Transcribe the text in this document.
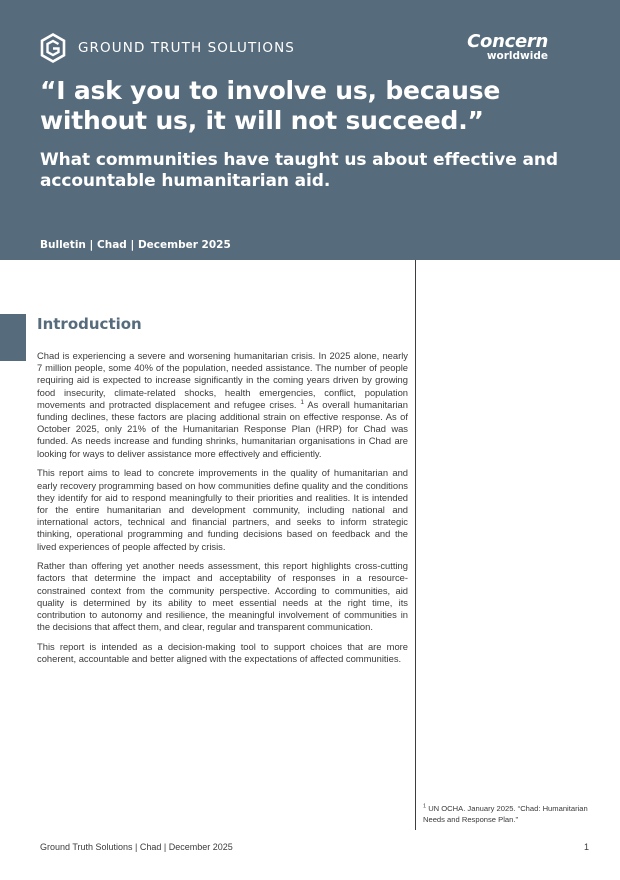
GROUND TRUTH SOLUTIONS	Concern
worldwide
“I ask you to involve us, because without us, it will not succeed.”
What communities have taught us about effective and accountable humanitarian aid.
Bulletin | Chad | December 2025
Introduction

Chad is experiencing a severe and worsening humanitarian crisis. In 2025 alone, nearly 7 million people, some 40% of the population, needed assistance. The number of people requiring aid is expected to increase significantly in the coming years driven by growing food insecurity, climate-related shocks, health emergencies, conflict, population movements and protracted displacement and refugee crises. $^1$ As overall humanitarian funding declines, these factors are placing additional strain on effective response. As of October 2025, only 21% of the Humanitarian Response Plan (HRP) for Chad was funded. As needs increase and funding shrinks, humanitarian organisations in Chad are looking for ways to deliver assistance more effectively and efficiently.

This report aims to lead to concrete improvements in the quality of humanitarian and early recovery programming based on how communities define quality and the conditions they identify for aid to respond meaningfully to their priorities and realities. It is intended for the entire humanitarian and development community, including national and international actors, technical and financial partners, and seeks to inform strategic thinking, operational programming and funding decisions based on feedback and the lived experiences of people affected by crisis.

Rather than offering yet another needs assessment, this report highlights cross-cutting factors that determine the impact and acceptability of responses in a resource-constrained context from the community perspective. According to communities, aid quality is determined by its ability to meet essential needs at the right time, its contribution to autonomy and resilience, the meaningful involvement of communities in the decisions that affect them, and clear, regular and transparent communication.

This report is intended as a decision-making tool to support choices that are more coherent, accountable and better aligned with the expectations of affected communities.

$^1$ UN OCHA. January 2025. “Chad: Humanitarian Needs and Response Plan.”
Ground Truth Solutions | Chad | December 2025	1
